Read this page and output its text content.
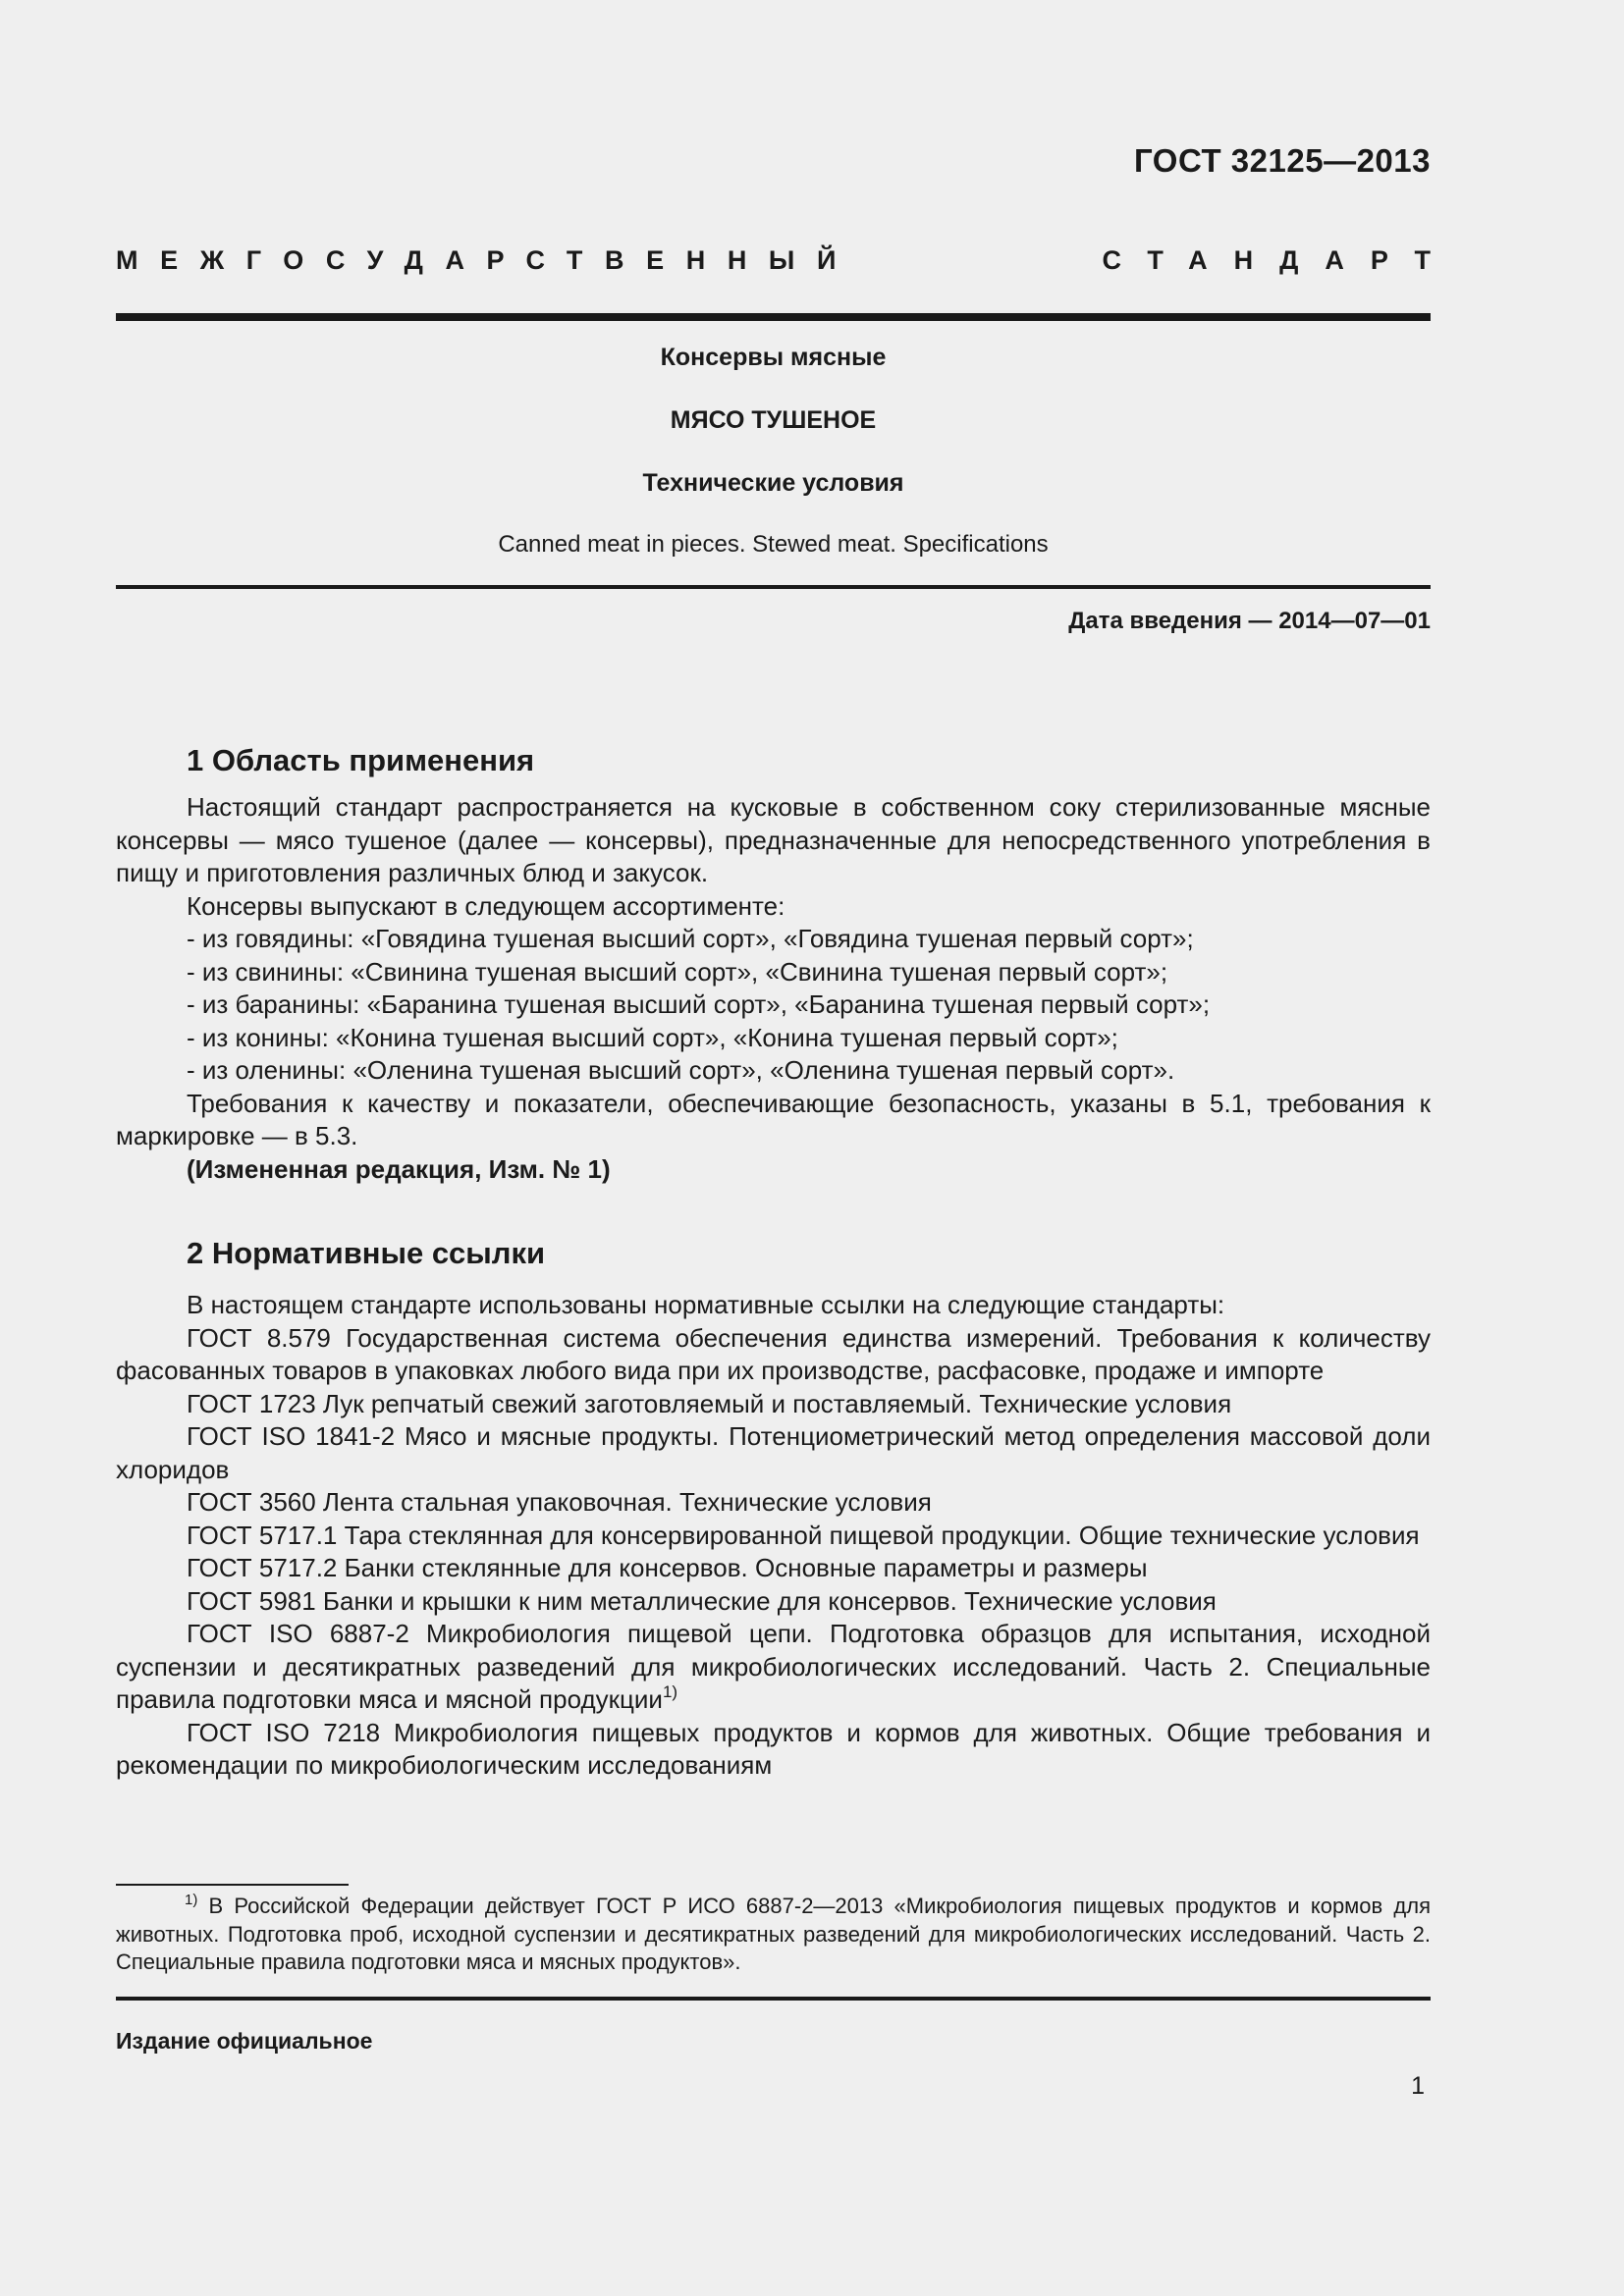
ГОСТ 32125—2013
МЕЖГОСУДАРСТВЕННЫЙ	СТАНДАРТ
Консервы мясные
МЯСО ТУШЕНОЕ
Технические условия
Canned meat in pieces. Stewed meat. Specifications
Дата введения — 2014—07—01
1 Область применения

Настоящий стандарт распространяется на кусковые в собственном соку стерилизованные мясные консервы — мясо тушеное (далее — консервы), предназначенные для непосредственного употребления в пищу и приготовления различных блюд и закусок.

Консервы выпускают в следующем ассортименте:

- из говядины: «Говядина тушеная высший сорт», «Говядина тушеная первый сорт»;

- из свинины: «Свинина тушеная высший сорт», «Свинина тушеная первый сорт»;

- из баранины: «Баранина тушеная высший сорт», «Баранина тушеная первый сорт»;

- из конины: «Конина тушеная высший сорт», «Конина тушеная первый сорт»;

- из оленины: «Оленина тушеная высший сорт», «Оленина тушеная первый сорт».

Требования к качеству и показатели, обеспечивающие безопасность, указаны в 5.1, требования к маркировке — в 5.3.

(Измененная редакция, Изм. № 1)

2 Нормативные ссылки

В настоящем стандарте использованы нормативные ссылки на следующие стандарты:

ГОСТ 8.579 Государственная система обеспечения единства измерений. Требования к количеству фасованных товаров в упаковках любого вида при их производстве, расфасовке, продаже и импорте

ГОСТ 1723 Лук репчатый свежий заготовляемый и поставляемый. Технические условия

ГОСТ ISO 1841-2 Мясо и мясные продукты. Потенциометрический метод определения массовой доли хлоридов

ГОСТ 3560 Лента стальная упаковочная. Технические условия

ГОСТ 5717.1 Тара стеклянная для консервированной пищевой продукции. Общие технические условия

ГОСТ 5717.2 Банки стеклянные для консервов. Основные параметры и размеры

ГОСТ 5981 Банки и крышки к ним металлические для консервов. Технические условия

ГОСТ ISO 6887-2 Микробиология пищевой цепи. Подготовка образцов для испытания, исходной суспензии и десятикратных разведений для микробиологических исследований. Часть 2. Специальные правила подготовки мяса и мясной продукции$^{1)}$

ГОСТ ISO 7218 Микробиология пищевых продуктов и кормов для животных. Общие требования и рекомендации по микробиологическим исследованиям

$^{1)}$ В Российской Федерации действует ГОСТ Р ИСО 6887-2—2013 «Микробиология пищевых продуктов и кормов для животных. Подготовка проб, исходной суспензии и десятикратных разведений для микробиологических исследований. Часть 2. Специальные правила подготовки мяса и мясных продуктов».

Издание официальное
1
